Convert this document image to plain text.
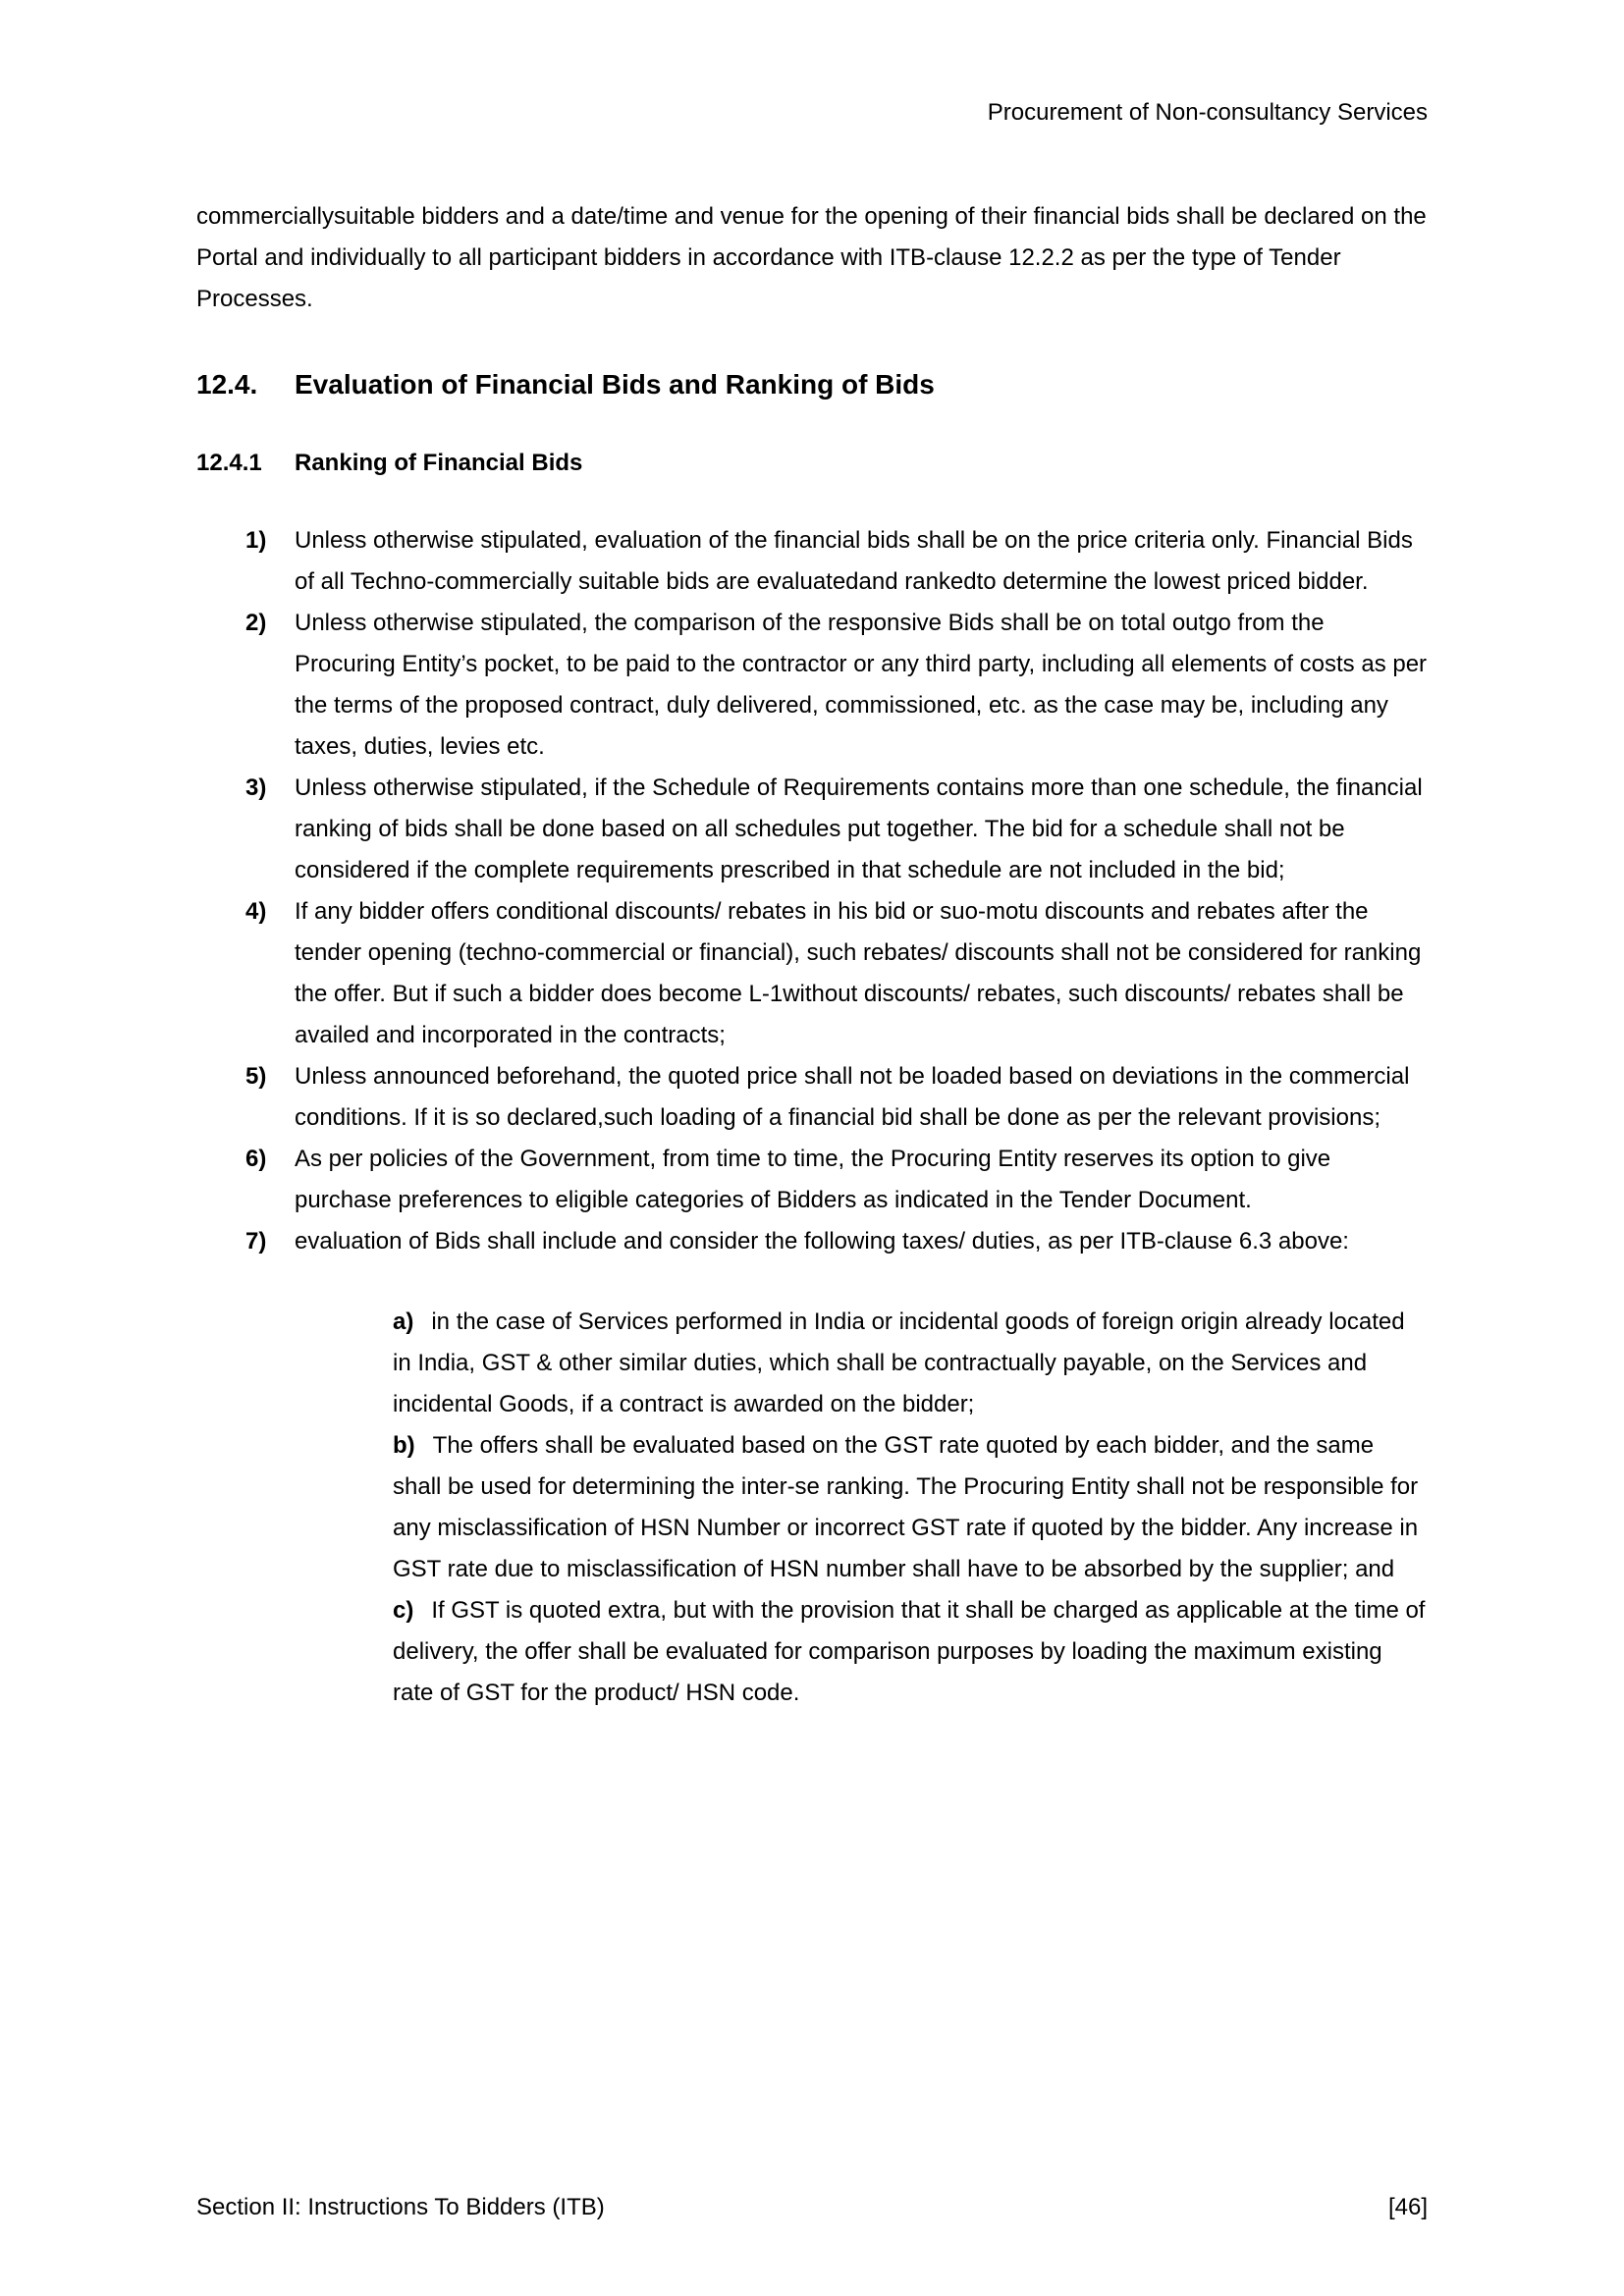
Procurement of Non-consultancy Services

commerciallysuitable bidders and a date/time and venue for the opening of their financial bids shall be declared on the Portal and individually to all participant bidders in accordance with ITB-clause 12.2.2 as per the type of Tender Processes.

12.4.	Evaluation of Financial Bids and Ranking of Bids
12.4.1	Ranking of Financial Bids
1)	Unless otherwise stipulated, evaluation of the financial bids shall be on the price criteria only. Financial Bids of all Techno-commercially suitable bids are evaluatedand rankedto determine the lowest priced bidder.
2)	Unless otherwise stipulated, the comparison of the responsive Bids shall be on total outgo from the Procuring Entity’s pocket, to be paid to the contractor or any third party, including all elements of costs as per the terms of the proposed contract, duly delivered, commissioned, etc. as the case may be, including any taxes, duties, levies etc.
3)	Unless otherwise stipulated, if the Schedule of Requirements contains more than one schedule, the financial ranking of bids shall be done based on all schedules put together. The bid for a schedule shall not be considered if the complete requirements prescribed in that schedule are not included in the bid;
4)	If any bidder offers conditional discounts/ rebates in his bid or suo-motu discounts and rebates after the tender opening (techno-commercial or financial), such rebates/ discounts shall not be considered for ranking the offer. But if such a bidder does become L-1without discounts/ rebates, such discounts/ rebates shall be availed and incorporated in the contracts;
5)	Unless announced beforehand, the quoted price shall not be loaded based on deviations in the commercial conditions. If it is so declared,such loading of a financial bid shall be done as per the relevant provisions;
6)	As per policies of the Government, from time to time, the Procuring Entity reserves its option to give purchase preferences to eligible categories of Bidders as indicated in the Tender Document.
7)	evaluation of Bids shall include and consider the following taxes/ duties, as per ITB-clause 6.3 above:

a) in the case of Services performed in India or incidental goods of foreign origin already located in India, GST & other similar duties, which shall be contractually payable, on the Services and incidental Goods, if a contract is awarded on the bidder;

b) The offers shall be evaluated based on the GST rate quoted by each bidder, and the same shall be used for determining the inter-se ranking. The Procuring Entity shall not be responsible for any misclassification of HSN Number or incorrect GST rate if quoted by the bidder. Any increase in GST rate due to misclassification of HSN number shall have to be absorbed by the supplier; and

c) If GST is quoted extra, but with the provision that it shall be charged as applicable at the time of delivery, the offer shall be evaluated for comparison purposes by loading the maximum existing rate of GST for the product/ HSN code.

Section II: Instructions To Bidders (ITB)	[46]
